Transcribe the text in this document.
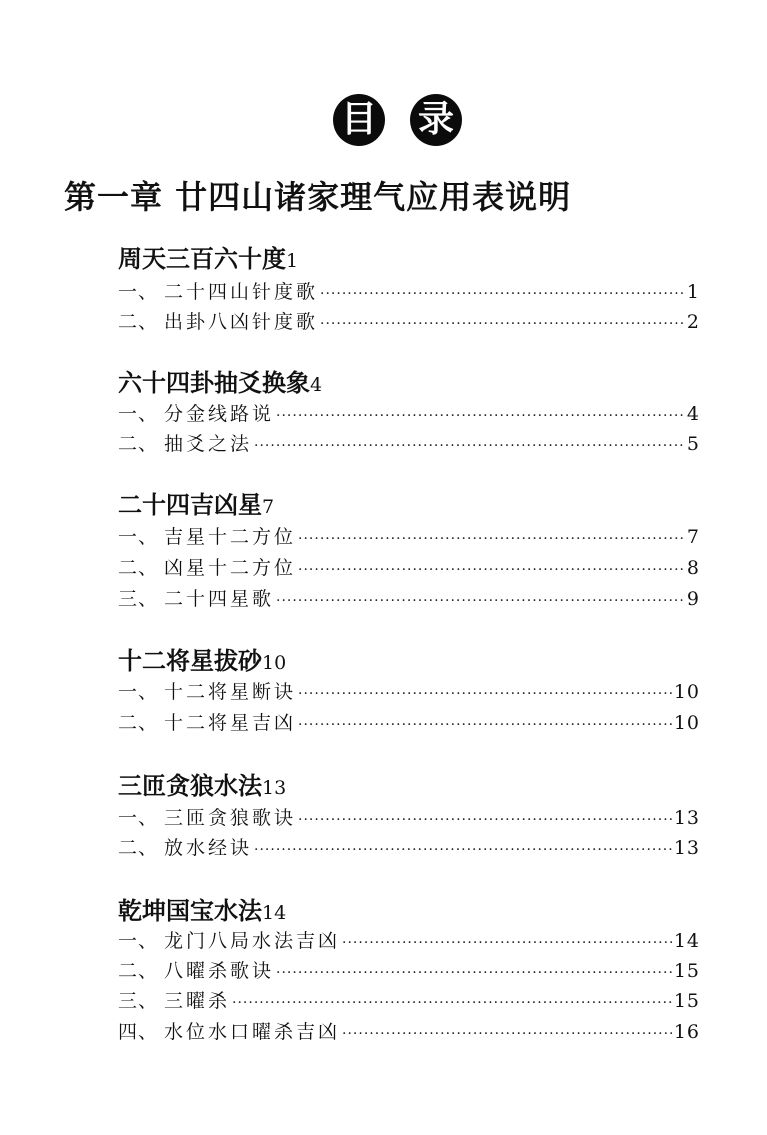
目 录
第一章 廿四山诸家理气应用表说明
周天三百六十度1
一、 二十四山针度歌 ·····	1
二、 出卦八凶针度歌 ·····	2
六十四卦抽爻换象4
一、 分金线路说 ·····	4
二、 抽爻之法 ·····	5
二十四吉凶星7
一、 吉星十二方位 ·····	7
二、 凶星十二方位 ·····	8
三、 二十四星歌 ·····	9
十二将星拔砂10
一、 十二将星断诀 ·····	10
二、 十二将星吉凶 ·····	10
三匝贪狼水法13
一、 三匝贪狼歌诀 ·····	13
二、 放水经诀 ·····	13
乾坤国宝水法14
一、 龙门八局水法吉凶 ·····	14
二、 八曜杀歌诀 ·····	15
三、 三曜杀 ·····	15
四、 水位水口曜杀吉凶 ·····	16
